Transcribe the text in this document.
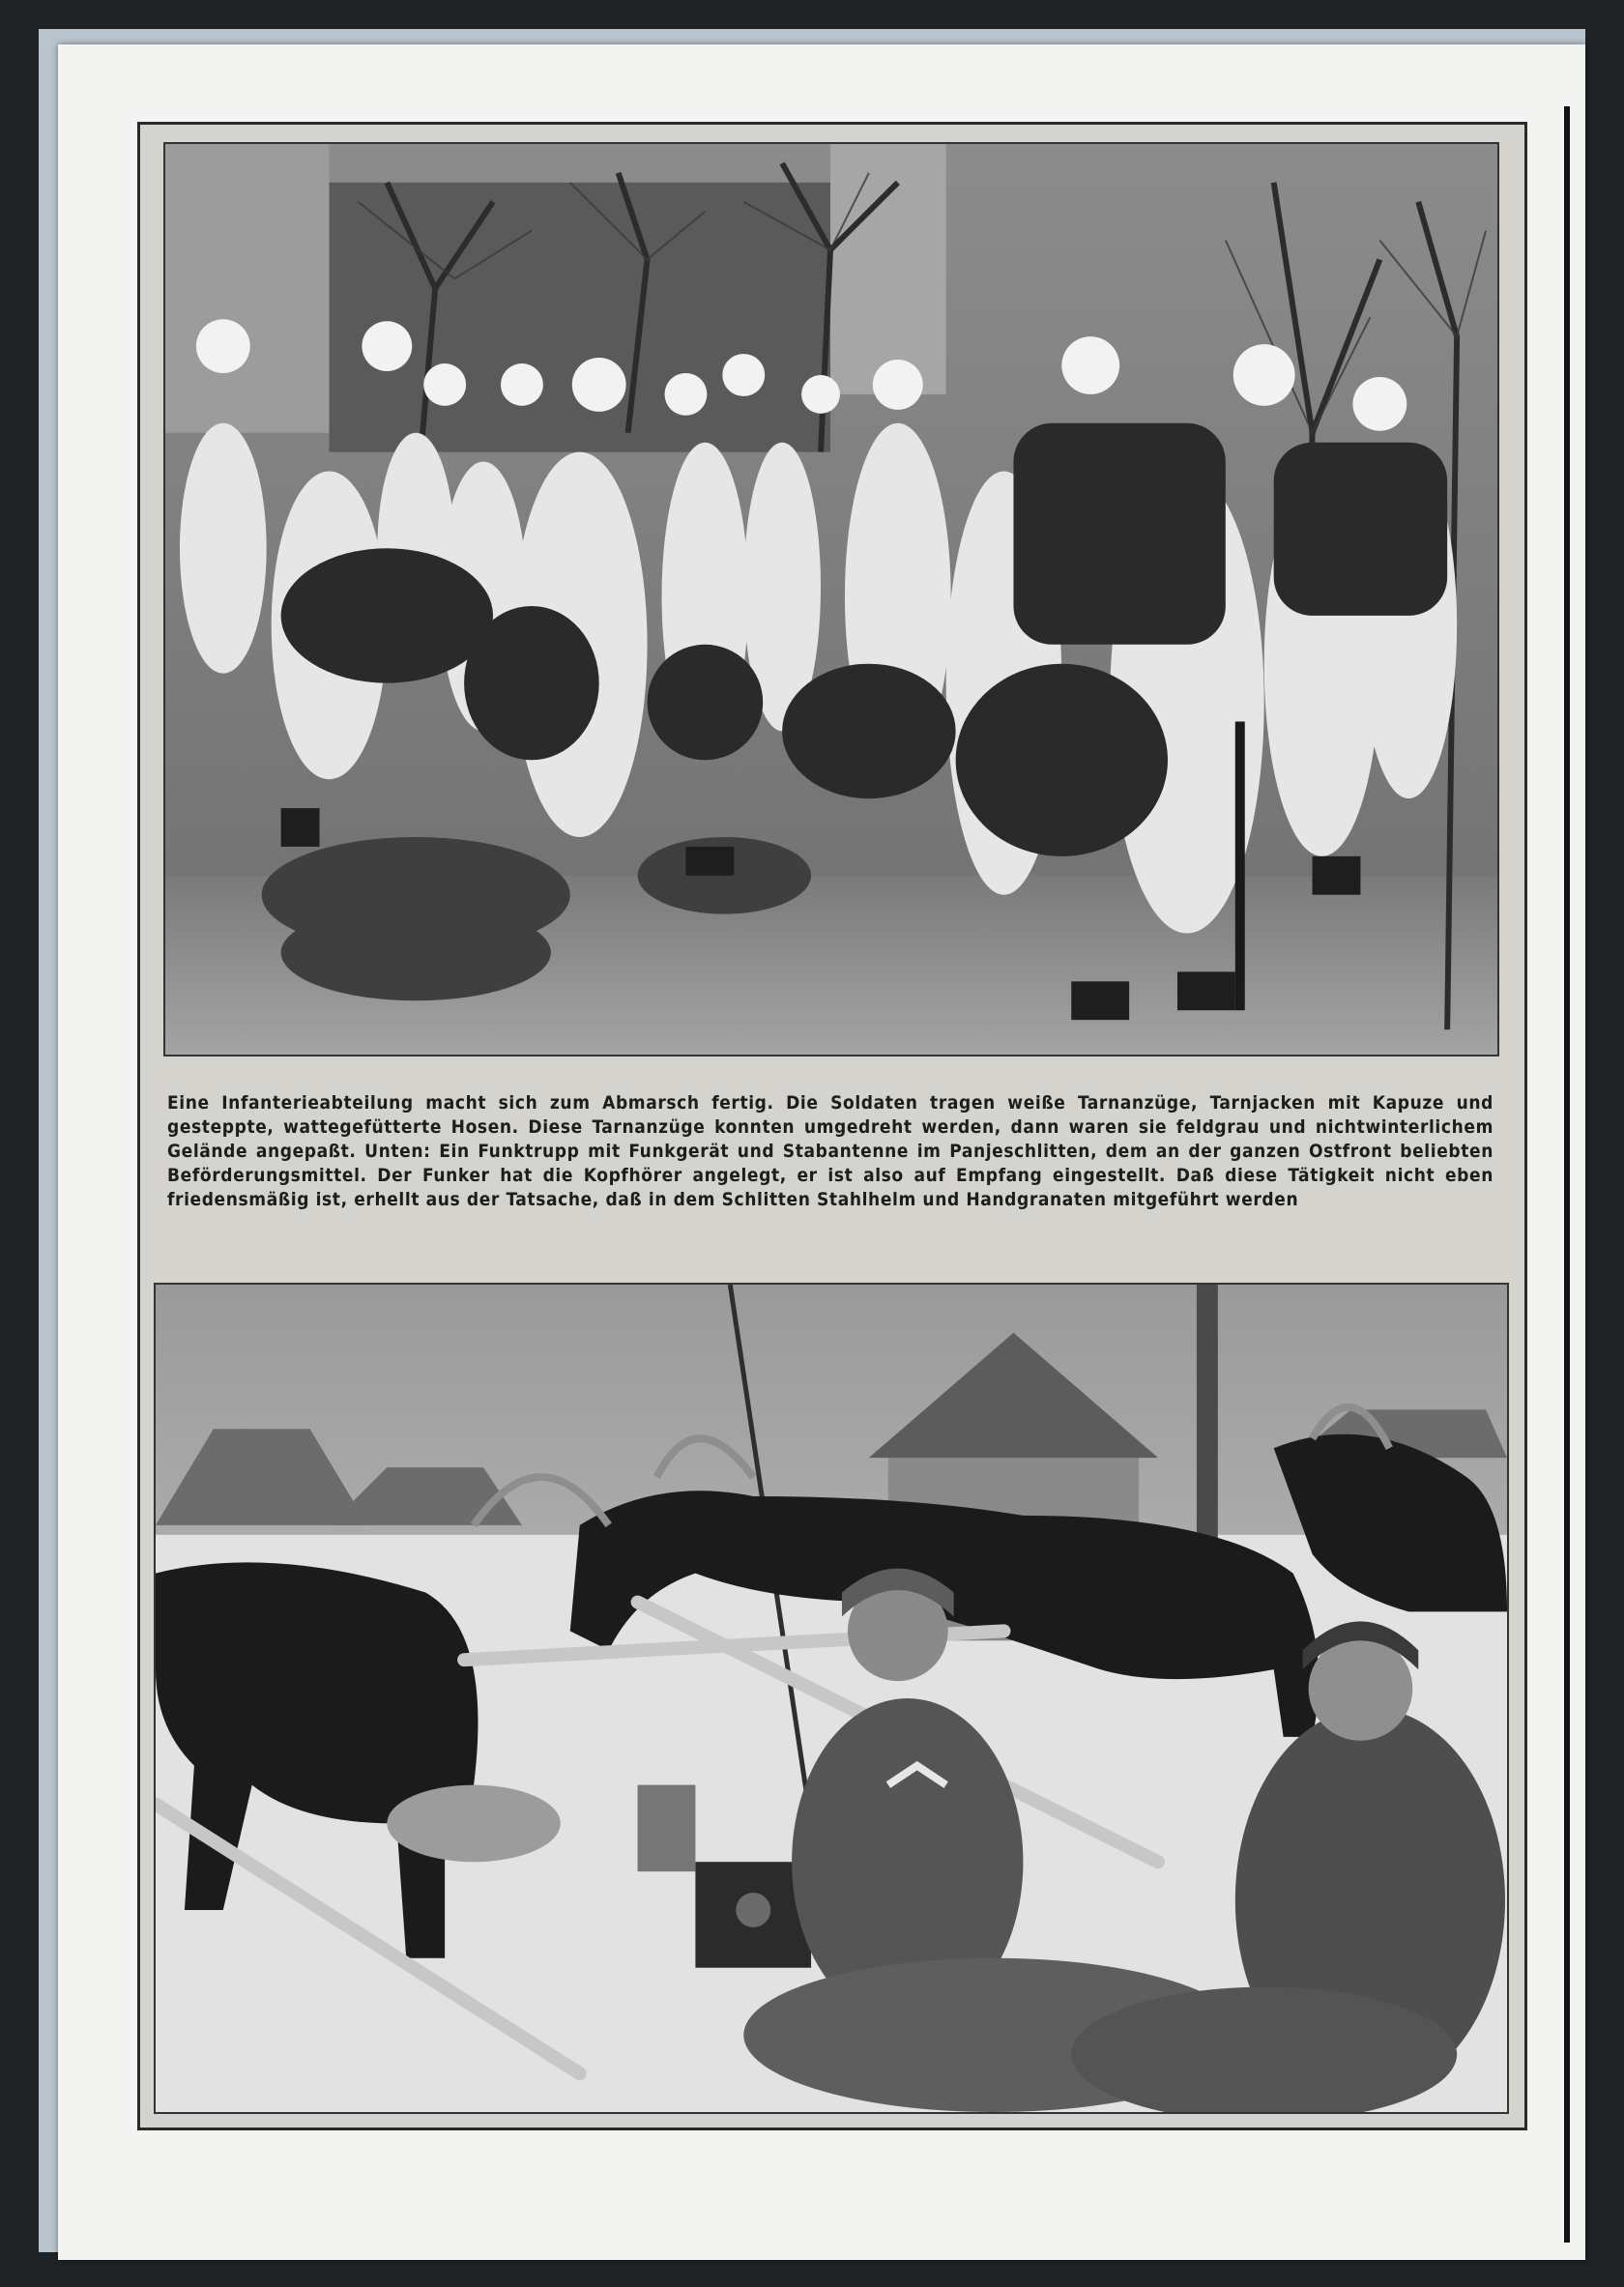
Eine Infanterieabteilung macht sich zum Abmarsch fertig. Die Soldaten tragen weiße Tarnanzüge, Tarnjacken mit Kapuze und gesteppte, wattegefütterte Hosen. Diese Tarnanzüge konnten umgedreht werden, dann waren sie feldgrau und nichtwinterlichem Gelände angepaßt. Unten: Ein Funktrupp mit Funkgerät und Stabantenne im Panjeschlitten, dem an der ganzen Ostfront beliebten Beförderungsmittel. Der Funker hat die Kopfhörer angelegt, er ist also auf Empfang eingestellt. Daß diese Tätigkeit nicht eben friedensmäßig ist, erhellt aus der Tatsache, daß in dem Schlitten Stahlhelm und Handgranaten mitgeführt werden
